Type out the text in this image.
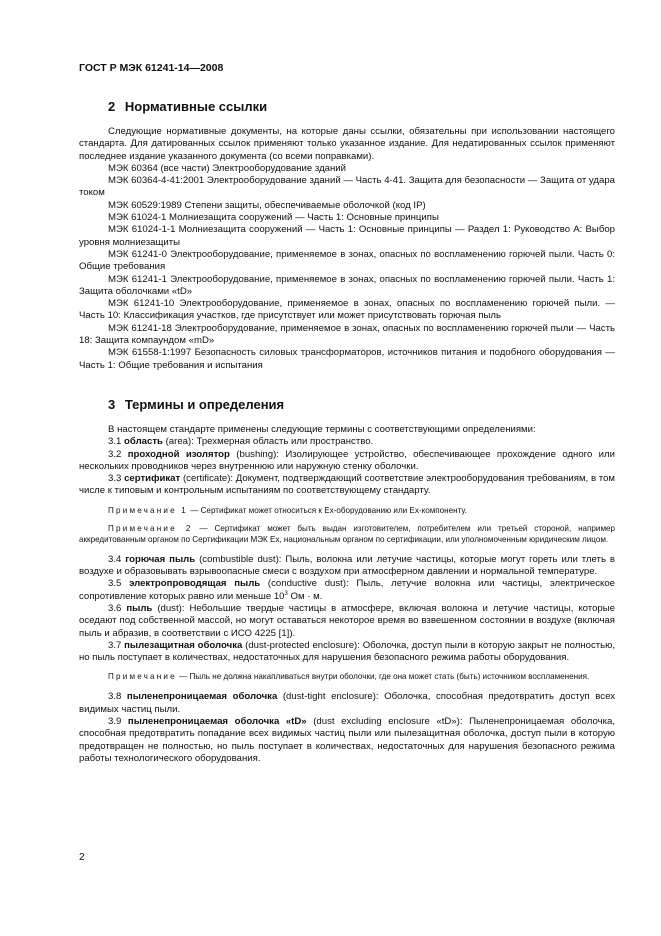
ГОСТ Р МЭК 61241-14—2008

2 Нормативные ссылки

Следующие нормативные документы, на которые даны ссылки, обязательны при использовании настоящего стандарта. Для датированных ссылок применяют только указанное издание. Для недатированных ссылок применяют последнее издание указанного документа (со всеми поправками).

МЭК 60364 (все части) Электрооборудование зданий

МЭК 60364-4-41:2001 Электрооборудование зданий — Часть 4-41. Защита для безопасности — Защита от удара током

МЭК 60529:1989 Степени защиты, обеспечиваемые оболочкой (код IP)

МЭК 61024-1 Молниезащита сооружений — Часть 1: Основные принципы

МЭК 61024-1-1 Молниезащита сооружений — Часть 1: Основные принципы — Раздел 1: Руководство А: Выбор уровня молниезащиты

МЭК 61241-0 Электрооборудование, применяемое в зонах, опасных по воспламенению горючей пыли. Часть 0: Общие требования

МЭК 61241-1 Электрооборудование, применяемое в зонах, опасных по воспламенению горючей пыли. Часть 1: Защита оболочками «tD»

МЭК 61241-10 Электрооборудование, применяемое в зонах, опасных по воспламенению горючей пыли. — Часть 10: Классификация участков, где присутствует или может присутствовать горючая пыль

МЭК 61241-18 Электрооборудование, применяемое в зонах, опасных по воспламенению горючей пыли — Часть 18: Защита компаундом «mD»

МЭК 61558-1:1997 Безопасность силовых трансформаторов, источников питания и подобного оборудования — Часть 1: Общие требования и испытания

3 Термины и определения

В настоящем стандарте применены следующие термины с соответствующими определениями:

3.1 область (area): Трехмерная область или пространство.

3.2 проходной изолятор (bushing): Изолирующее устройство, обеспечивающее прохождение одного или нескольких проводников через внутреннюю или наружную стенку оболочки.

3.3 сертификат (certificate): Документ, подтверждающий соответствие электрооборудования требованиям, в том числе к типовым и контрольным испытаниям по соответствующему стандарту.

Примечание 1 — Сертификат может относиться к Ех-оборудованию или Ех-компоненту.

Примечание 2 — Сертификат может быть выдан изготовителем, потребителем или третьей стороной, например аккредитованным органом по Сертификации МЭК Ех, национальным органом по сертификации, или уполномоченным юридическим лицом.

3.4 горючая пыль (combustible dust): Пыль, волокна или летучие частицы, которые могут гореть или тлеть в воздухе и образовывать взрывоопасные смеси с воздухом при атмосферном давлении и нормальной температуре.

3.5 электропроводящая пыль (conductive dust): Пыль, летучие волокна или частицы, электрическое сопротивление которых равно или меньше $10^3$ Ом · м.

3.6 пыль (dust): Небольшие твердые частицы в атмосфере, включая волокна и летучие частицы, которые оседают под собственной массой, но могут оставаться некоторое время во взвешенном состоянии в воздухе (включая пыль и абразив, в соответствии с ИСО 4225 [1]).

3.7 пылезащитная оболочка (dust-protected enclosure): Оболочка, доступ пыли в которую закрыт не полностью, но пыль поступает в количествах, недостаточных для нарушения безопасного режима работы оборудования.

Примечание — Пыль не должна накапливаться внутри оболочки, где она может стать (быть) источником воспламенения.

3.8 пыленепроницаемая оболочка (dust-tight enclosure): Оболочка, способная предотвратить доступ всех видимых частиц пыли.

3.9 пыленепроницаемая оболочка «tD» (dust excluding enclosure «tD»): Пыленепроницаемая оболочка, способная предотвратить попадание всех видимых частиц пыли или пылезащитная оболочка, доступ пыли в которую предотвращен не полностью, но пыль поступает в количествах, недостаточных для нарушения безопасного режима работы технологического оборудования.

2
